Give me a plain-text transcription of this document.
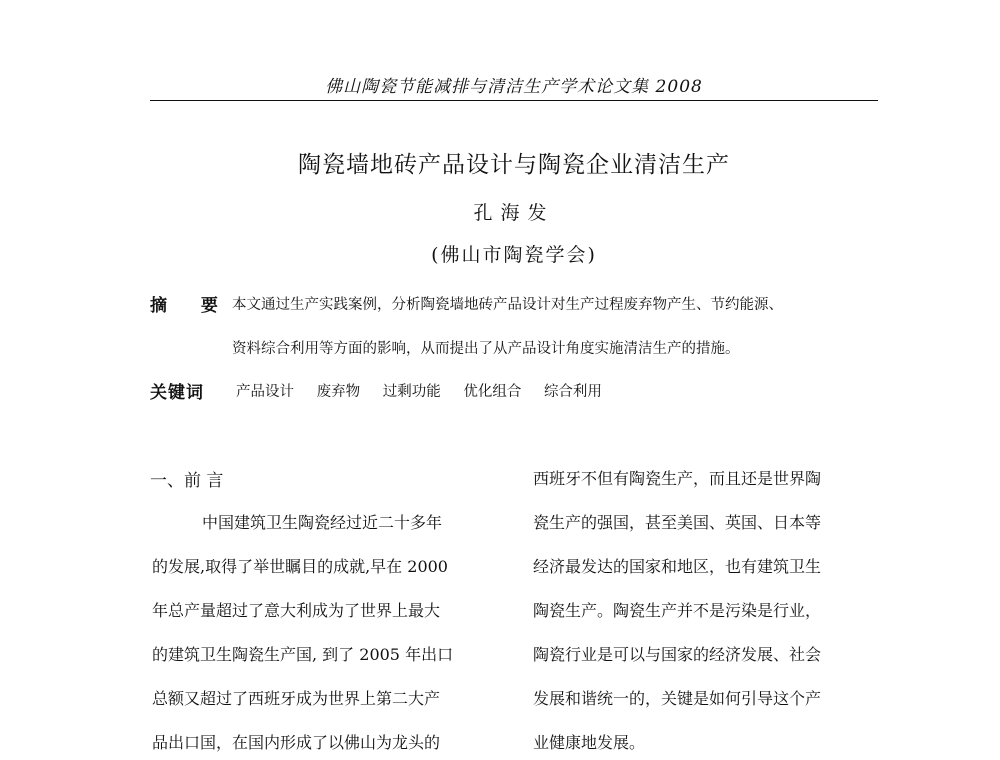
佛山陶瓷节能减排与清洁生产学术论文集 2008
陶瓷墙地砖产品设计与陶瓷企业清洁生产
孔海发
(佛山市陶瓷学会)
摘 要 本文通过生产实践案例，分析陶瓷墙地砖产品设计对生产过程废弃物产生、节约能源、
资料综合利用等方面的影响，从而提出了从产品设计角度实施清洁生产的措施。
关键词 产品设计 废弃物 过剩功能 优化组合 综合利用
一、前 言
中国建筑卫生陶瓷经过近二十多年
的发展,取得了举世瞩目的成就,早在 2000
年总产量超过了意大利成为了世界上最大
的建筑卫生陶瓷生产国, 到了 2005 年出口
总额又超过了西班牙成为世界上第二大产
品出口国，在国内形成了以佛山为龙头的
西班牙不但有陶瓷生产，而且还是世界陶
瓷生产的强国，甚至美国、英国、日本等
经济最发达的国家和地区，也有建筑卫生
陶瓷生产。陶瓷生产并不是污染是行业，
陶瓷行业是可以与国家的经济发展、社会
发展和谐统一的，关键是如何引导这个产
业健康地发展。
